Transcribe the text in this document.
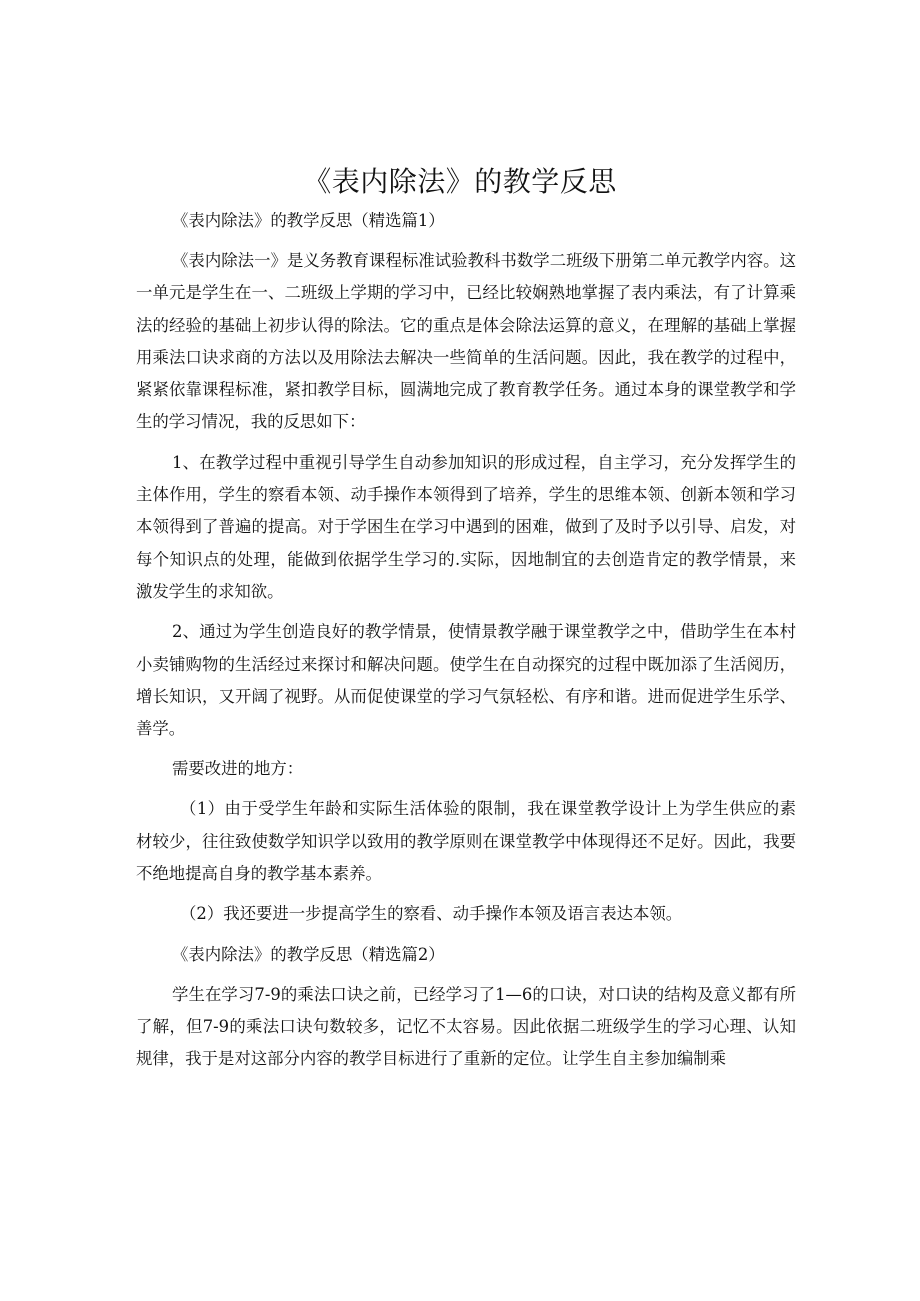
《表内除法》的教学反思
《表内除法》的教学反思（精选篇1）

《表内除法一》是义务教育课程标准试验教科书数学二班级下册第二单元教学内容。这一单元是学生在一、二班级上学期的学习中，已经比较娴熟地掌握了表内乘法，有了计算乘法的经验的基础上初步认得的除法。它的重点是体会除法运算的意义，在理解的基础上掌握用乘法口诀求商的方法以及用除法去解决一些简单的生活问题。因此，我在教学的过程中，紧紧依靠课程标准，紧扣教学目标，圆满地完成了教育教学任务。通过本身的课堂教学和学生的学习情况，我的反思如下：

1、在教学过程中重视引导学生自动参加知识的形成过程，自主学习，充分发挥学生的主体作用，学生的察看本领、动手操作本领得到了培养，学生的思维本领、创新本领和学习本领得到了普遍的提高。对于学困生在学习中遇到的困难，做到了及时予以引导、启发，对每个知识点的处理，能做到依据学生学习的.实际，因地制宜的去创造肯定的教学情景，来激发学生的求知欲。

2、通过为学生创造良好的教学情景，使情景教学融于课堂教学之中，借助学生在本村小卖铺购物的生活经过来探讨和解决问题。使学生在自动探究的过程中既加添了生活阅历，增长知识，又开阔了视野。从而促使课堂的学习气氛轻松、有序和谐。进而促进学生乐学、善学。

需要改进的地方：

（1）由于受学生年龄和实际生活体验的限制，我在课堂教学设计上为学生供应的素材较少，往往致使数学知识学以致用的教学原则在课堂教学中体现得还不足好。因此，我要不绝地提高自身的教学基本素养。

（2）我还要进一步提高学生的察看、动手操作本领及语言表达本领。

《表内除法》的教学反思（精选篇2）

学生在学习7-9的乘法口诀之前，已经学习了1—6的口诀，对口诀的结构及意义都有所了解，但7-9的乘法口诀句数较多，记忆不太容易。因此依据二班级学生的学习心理、认知规律，我于是对这部分内容的教学目标进行了重新的定位。让学生自主参加编制乘
